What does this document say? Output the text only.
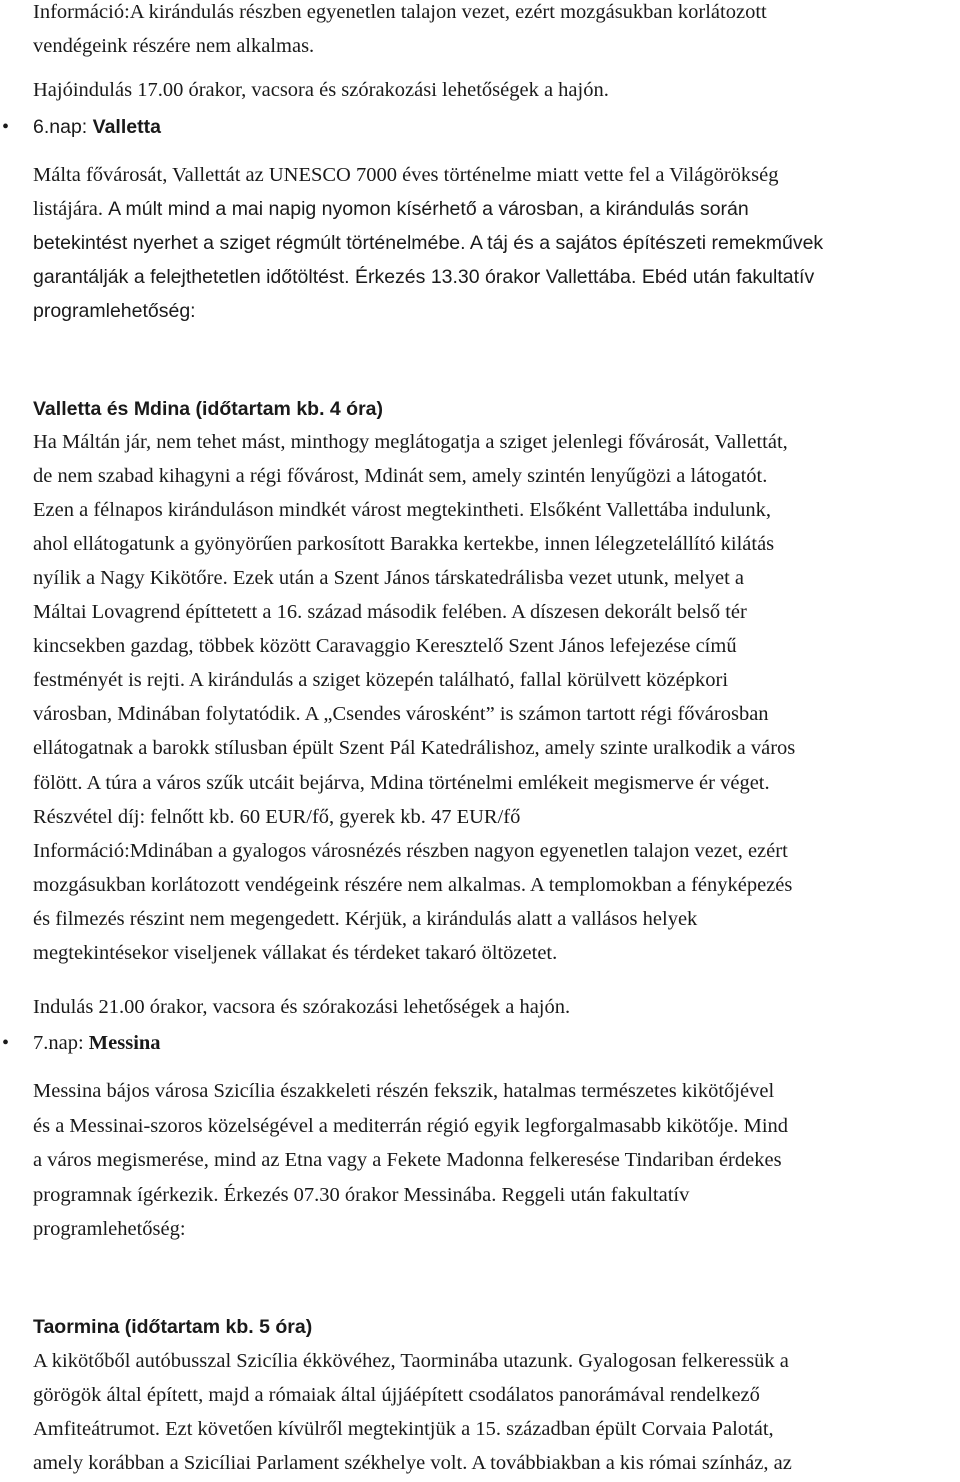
Információ:A kirándulás részben egyenetlen talajon vezet, ezért mozgásukban korlátozott
vendégeink részére nem alkalmas.
Hajóindulás 17.00 órakor, vacsora és szórakozási lehetőségek a hajón.
• 6.nap: Valletta
Málta fővárosát, Vallettát az UNESCO 7000 éves történelme miatt vette fel a Világörökség
listájára. A múlt mind a mai napig nyomon kísérhető a városban, a kirándulás során
betekintést nyerhet a sziget régmúlt történelmébe. A táj és a sajátos építészeti remekművek
garantálják a felejthetetlen időtöltést. Érkezés 13.30 órakor Vallettába. Ebéd után fakultatív
programlehetőség:
Valletta és Mdina (időtartam kb. 4 óra)
Ha Máltán jár, nem tehet mást, minthogy meglátogatja a sziget jelenlegi fővárosát, Vallettát,
de nem szabad kihagyni a régi fővárost, Mdinát sem, amely szintén lenyűgözi a látogatót.
Ezen a félnapos kiránduláson mindkét várost megtekintheti. Elsőként Vallettába indulunk,
ahol ellátogatunk a gyönyörűen parkosított Barakka kertekbe, innen lélegzetelállító kilátás
nyílik a Nagy Kikötőre. Ezek után a Szent János társkatedrálisba vezet utunk, melyet a
Máltai Lovagrend építtetett a 16. század második felében. A díszesen dekorált belső tér
kincsekben gazdag, többek között Caravaggio Keresztelő Szent János lefejezése című
festményét is rejti. A kirándulás a sziget közepén található, fallal körülvett középkori
városban, Mdinában folytatódik. A „Csendes városként” is számon tartott régi fővárosban
ellátogatnak a barokk stílusban épült Szent Pál Katedrálishoz, amely szinte uralkodik a város
fölött. A túra a város szűk utcáit bejárva, Mdina történelmi emlékeit megismerve ér véget.
Részvétel díj: felnőtt kb. 60 EUR/fő, gyerek kb. 47 EUR/fő
Információ:Mdinában a gyalogos városnézés részben nagyon egyenetlen talajon vezet, ezért
mozgásukban korlátozott vendégeink részére nem alkalmas. A templomokban a fényképezés
és filmezés részint nem megengedett. Kérjük, a kirándulás alatt a vallásos helyek
megtekintésekor viseljenek vállakat és térdeket takaró öltözetet.
Indulás 21.00 órakor, vacsora és szórakozási lehetőségek a hajón.
• 7.nap: Messina
Messina bájos városa Szicília északkeleti részén fekszik, hatalmas természetes kikötőjével
és a Messinai-szoros közelségével a mediterrán régió egyik legforgalmasabb kikötője. Mind
a város megismerése, mind az Etna vagy a Fekete Madonna felkeresése Tindariban érdekes
programnak ígérkezik. Érkezés 07.30 órakor Messinába. Reggeli után fakultatív
programlehetőség:
Taormina (időtartam kb. 5 óra)
A kikötőből autóbusszal Szicília ékkövéhez, Taorminába utazunk. Gyalogosan felkeressük a
görögök által épített, majd a rómaiak által újjáépített csodálatos panorámával rendelkező
Amfiteátrumot. Ezt követően kívülről megtekintjük a 15. században épült Corvaia Palotát,
amely korábban a Szicíliai Parlament székhelye volt. A továbbiakban a kis római színház, az
